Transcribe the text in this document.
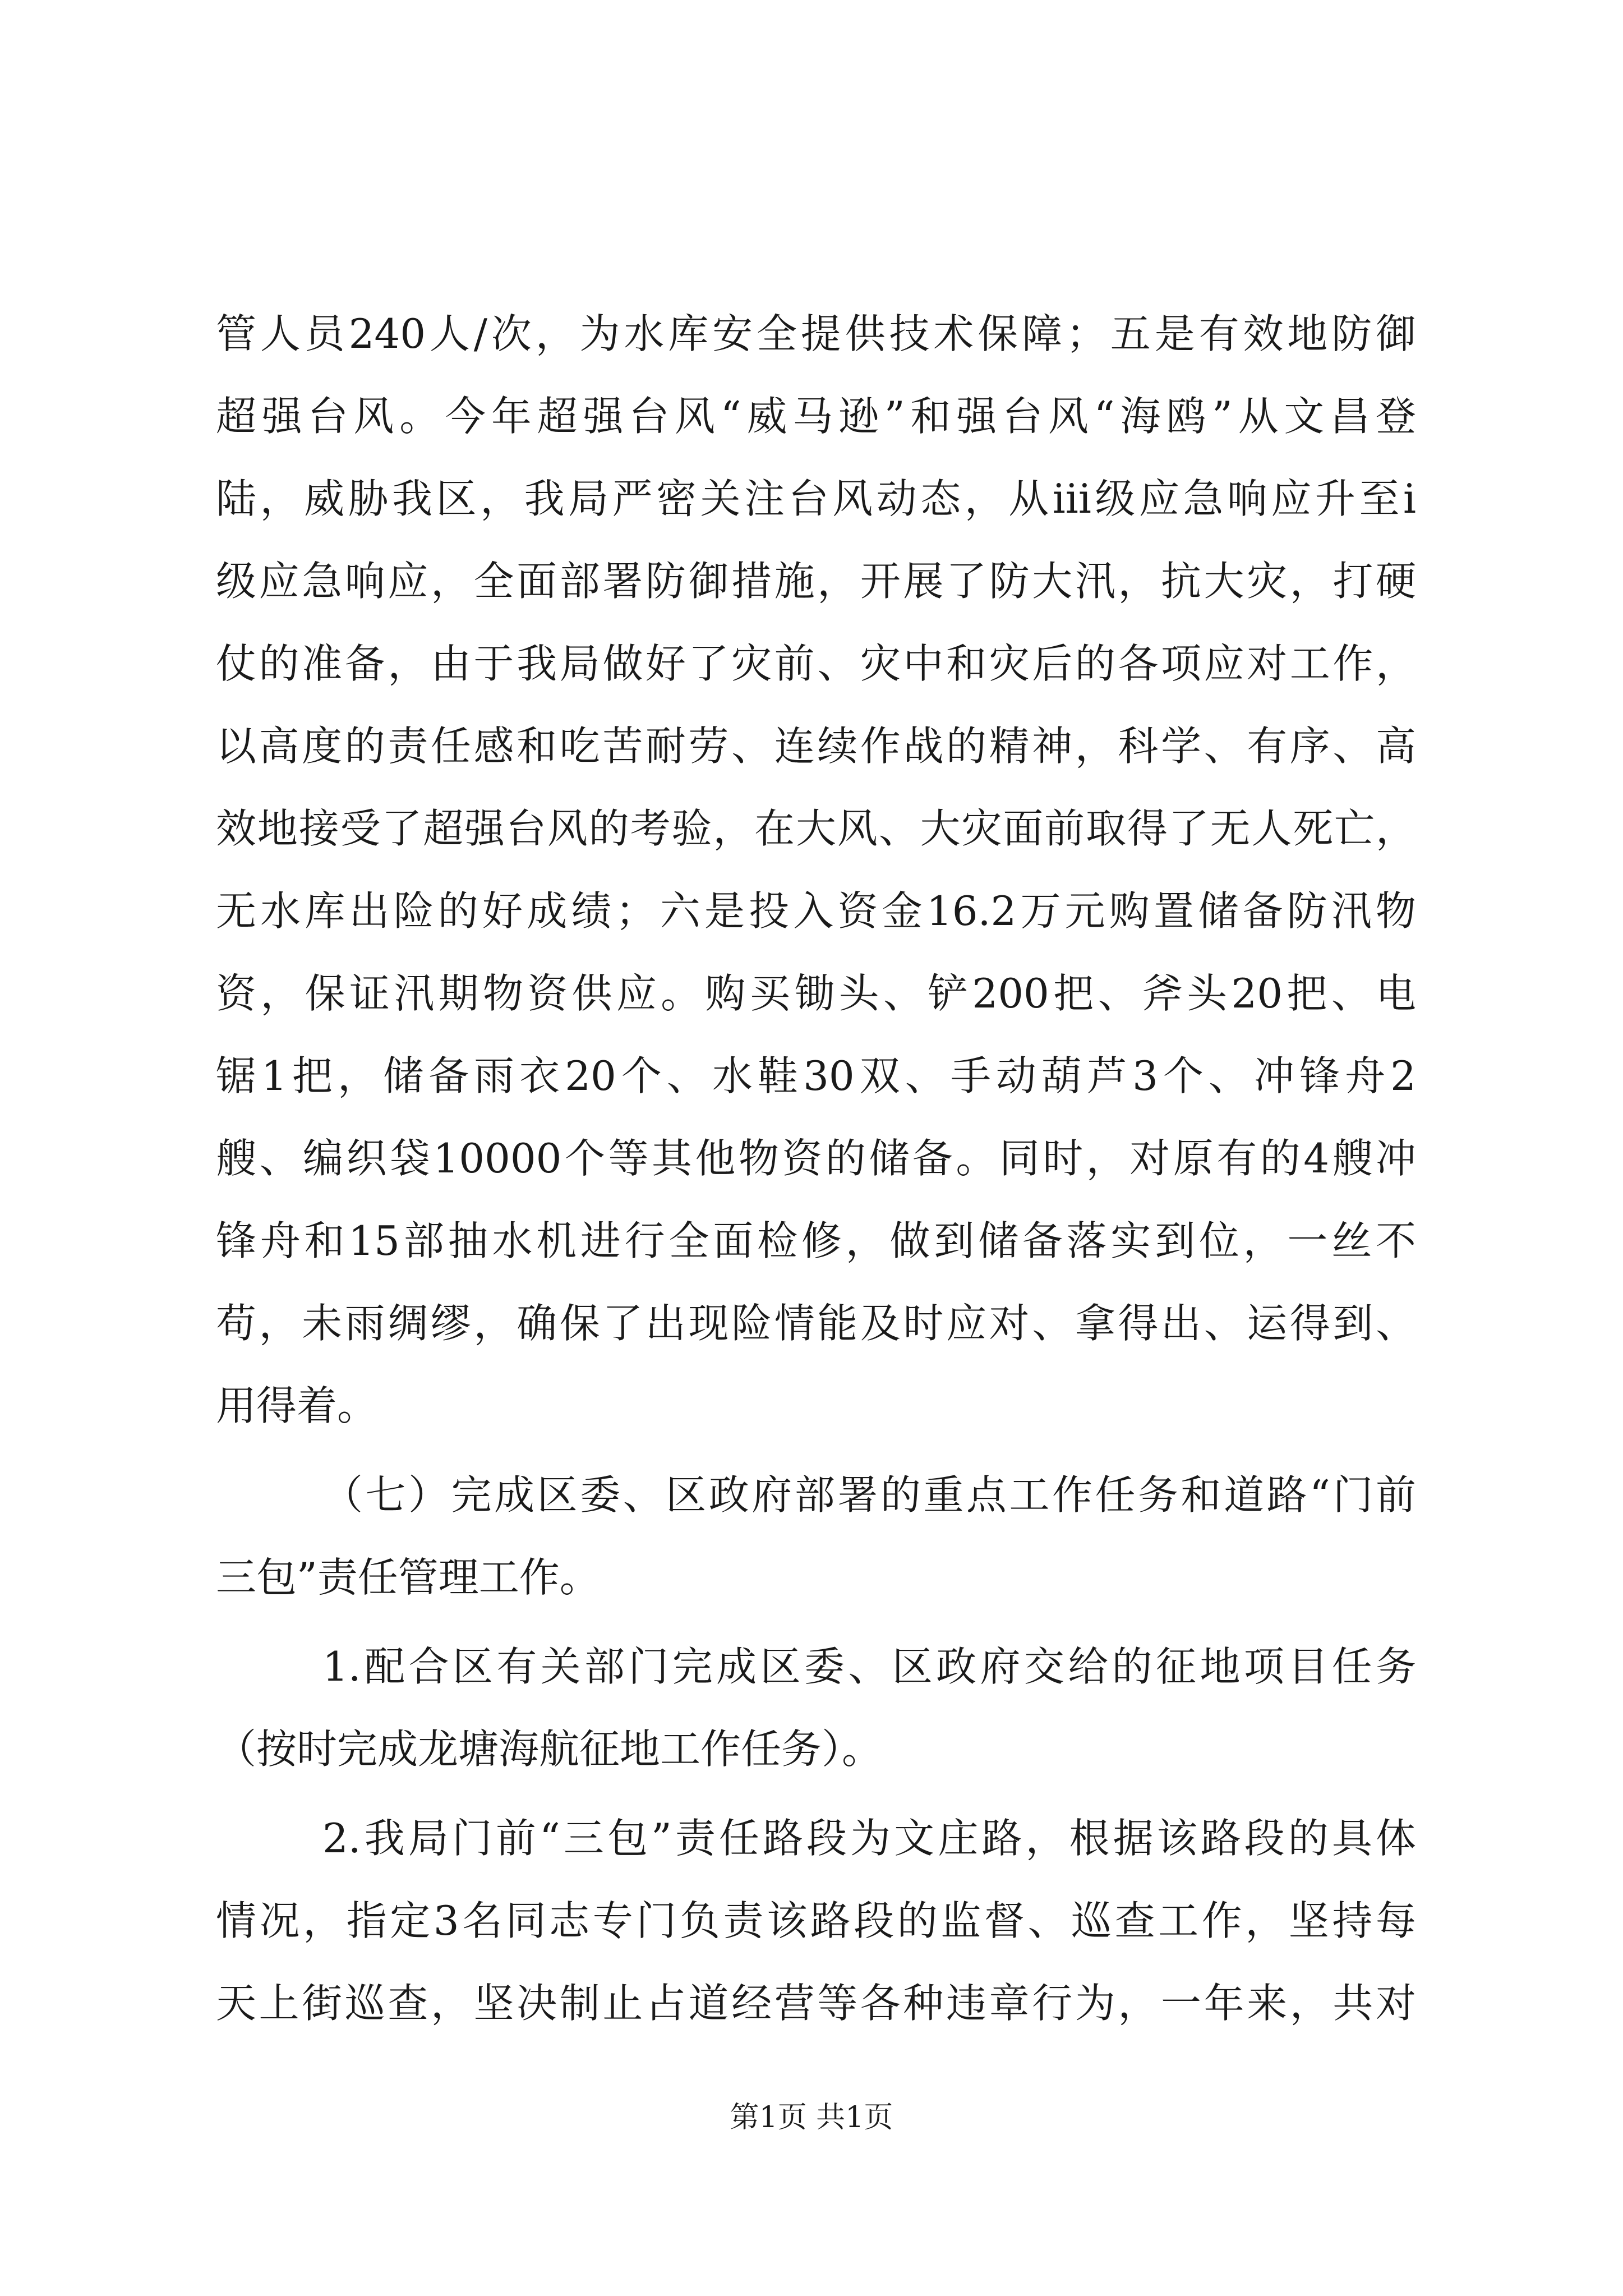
管人员240人/次，为水库安全提供技术保障；五是有效地防御
超强台风。今年超强台风“威马逊”和强台风“海鸥”从文昌登
陆，威胁我区，我局严密关注台风动态，从iii级应急响应升至i
级应急响应，全面部署防御措施，开展了防大汛，抗大灾，打硬
仗的准备，由于我局做好了灾前、灾中和灾后的各项应对工作，
以高度的责任感和吃苦耐劳、连续作战的精神，科学、有序、高
效地接受了超强台风的考验，在大风、大灾面前取得了无人死亡，
无水库出险的好成绩；六是投入资金16.2万元购置储备防汛物
资，保证汛期物资供应。购买锄头、铲200把、斧头20把、电
锯1把，储备雨衣20个、水鞋30双、手动葫芦3个、冲锋舟2
艘、编织袋10000个等其他物资的储备。同时，对原有的4艘冲
锋舟和15部抽水机进行全面检修，做到储备落实到位，一丝不
苟，未雨绸缪，确保了出现险情能及时应对、拿得出、运得到、
用得着。
（七）完成区委、区政府部署的重点工作任务和道路“门前
三包”责任管理工作。
1.配合区有关部门完成区委、区政府交给的征地项目任务
（按时完成龙塘海航征地工作任务）。
2.我局门前“三包”责任路段为文庄路，根据该路段的具体
情况，指定3名同志专门负责该路段的监督、巡查工作，坚持每
天上街巡查，坚决制止占道经营等各种违章行为，一年来，共对
第1页 共1页
